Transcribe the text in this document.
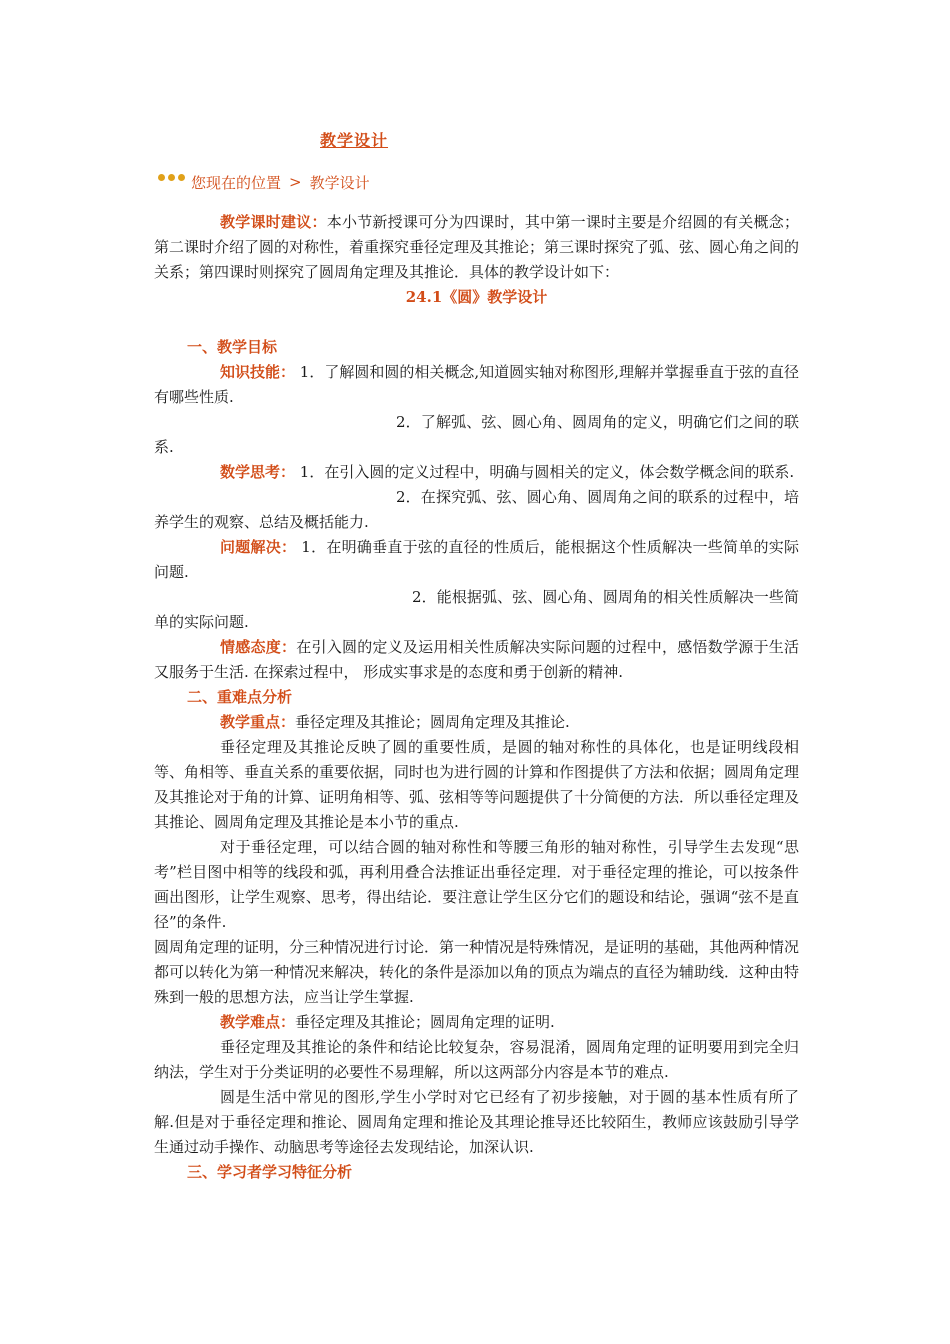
教学设计
您现在的位置 > 教学设计

教学课时建议：本小节新授课可分为四课时，其中第一课时主要是介绍圆的有关概念；第二课时介绍了圆的对称性，着重探究垂径定理及其推论；第三课时探究了弧、弦、圆心角之间的关系；第四课时则探究了圆周角定理及其推论．具体的教学设计如下：

24.1《圆》教学设计

一、教学目标

知识技能： 1．了解圆和圆的相关概念,知道圆实轴对称图形,理解并掌握垂直于弦的直径有哪些性质.

2．了解弧、弦、圆心角、圆周角的定义，明确它们之间的联系.

数学思考： 1．在引入圆的定义过程中，明确与圆相关的定义，体会数学概念间的联系.

2．在探究弧、弦、圆心角、圆周角之间的联系的过程中，培养学生的观察、总结及概括能力.

问题解决： 1．在明确垂直于弦的直径的性质后，能根据这个性质解决一些简单的实际问题.

2．能根据弧、弦、圆心角、圆周角的相关性质解决一些简单的实际问题.

情感态度：在引入圆的定义及运用相关性质解决实际问题的过程中，感悟数学源于生活又服务于生活. 在探索过程中， 形成实事求是的态度和勇于创新的精神.

二、重难点分析

教学重点：垂径定理及其推论；圆周角定理及其推论.

垂径定理及其推论反映了圆的重要性质，是圆的轴对称性的具体化，也是证明线段相等、角相等、垂直关系的重要依据，同时也为进行圆的计算和作图提供了方法和依据；圆周角定理及其推论对于角的计算、证明角相等、弧、弦相等等问题提供了十分简便的方法．所以垂径定理及其推论、圆周角定理及其推论是本小节的重点.

对于垂径定理，可以结合圆的轴对称性和等腰三角形的轴对称性，引导学生去发现“思考”栏目图中相等的线段和弧，再利用叠合法推证出垂径定理．对于垂径定理的推论，可以按条件画出图形，让学生观察、思考，得出结论．要注意让学生区分它们的题设和结论，强调“弦不是直径”的条件.

圆周角定理的证明，分三种情况进行讨论．第一种情况是特殊情况，是证明的基础，其他两种情况都可以转化为第一种情况来解决，转化的条件是添加以角的顶点为端点的直径为辅助线．这种由特殊到一般的思想方法，应当让学生掌握.

教学难点：垂径定理及其推论；圆周角定理的证明.

垂径定理及其推论的条件和结论比较复杂，容易混淆，圆周角定理的证明要用到完全归纳法，学生对于分类证明的必要性不易理解，所以这两部分内容是本节的难点.

圆是生活中常见的图形,学生小学时对它已经有了初步接触，对于圆的基本性质有所了解.但是对于垂径定理和推论、圆周角定理和推论及其理论推导还比较陌生，教师应该鼓励引导学生通过动手操作、动脑思考等途径去发现结论，加深认识.

三、学习者学习特征分析
